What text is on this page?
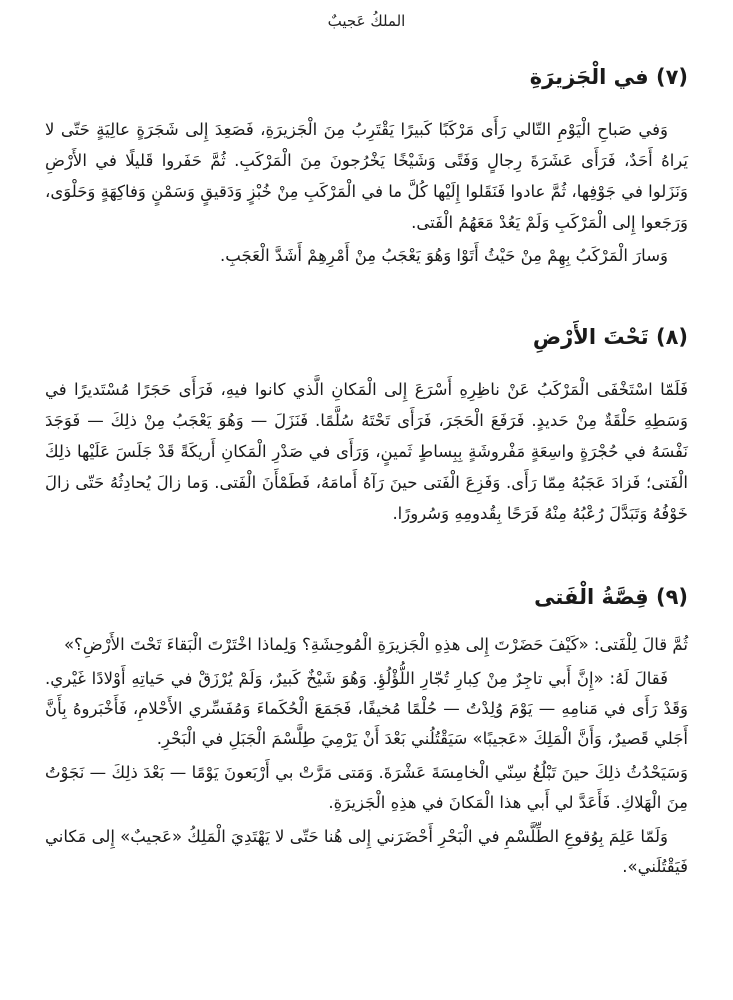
الملكُ عَجيبٌ
(٧) في الْجَزيرَةِ

وَفي صَباحِ الْيَوْمِ التّالي رَأَى مَرْكَبًا كَبيرًا يَقْتَرِبُ مِنَ الْجَزيرَةِ، فَصَعِدَ إِلى شَجَرَةٍ عالِيَةٍ حَتّى لا يَراهُ أَحَدٌ، فَرَأَى عَشَرَةَ رِجالٍ وَفَتًى وَشَيْخًا يَخْرُجونَ مِنَ الْمَرْكَبِ. ثُمَّ حَفَروا قَليلًا في الأَرْضِ وَنَزَلوا في جَوْفِها، ثُمَّ عادوا فَنَقَلوا إِلَيْها كُلَّ ما في الْمَرْكَبِ مِنْ خُبْزٍ وَدَقيقٍ وَسَمْنٍ وَفاكِهَةٍ وَحَلْوَى، وَرَجَعوا إِلى الْمَرْكَبِ وَلَمْ يَعُدْ مَعَهُمُ الْفَتى.

وَسارَ الْمَرْكَبُ بِهِمْ مِنْ حَيْثُ أَتَوْا وَهُوَ يَعْجَبُ مِنْ أَمْرِهِمْ أَشَدَّ الْعَجَبِ.

(٨) تَحْتَ الأَرْضِ

فَلَمّا اسْتَخْفَى الْمَرْكَبُ عَنْ ناظِرِهِ أَسْرَعَ إِلى الْمَكانِ الَّذي كانوا فيهِ، فَرَأَى حَجَرًا مُسْتَديرًا في وَسَطِهِ حَلْقَةٌ مِنْ حَديدٍ. فَرَفَعَ الْحَجَرَ، فَرَأَى تَحْتَهُ سُلَّمًا. فَنَزَلَ — وَهُوَ يَعْجَبُ مِنْ ذلِكَ — فَوَجَدَ نَفْسَهُ في حُجْرَةٍ واسِعَةٍ مَفْروشَةٍ بِبِساطٍ ثَمينٍ، وَرَأَى في صَدْرِ الْمَكانِ أَريكَةً قَدْ جَلَسَ عَلَيْها ذلِكَ الْفَتى؛ فَزادَ عَجَبُهُ مِمّا رَأَى. وَفَزِعَ الْفَتى حينَ رَآهُ أَمامَهُ، فَطَمْأَنَ الْفَتى. وَما زالَ يُحادِثُهُ حَتّى زالَ خَوْفُهُ وَتَبَدَّلَ رُعْبُهُ مِنْهُ فَرَحًا بِقُدومِهِ وَسُرورًا.

(٩) قِصَّةُ الْفَتى

ثُمَّ قالَ لِلْفَتى: «كَيْفَ حَضَرْتَ إِلى هذِهِ الْجَزيرَةِ الْمُوحِشَةِ؟ وَلِماذا اخْتَرْتَ الْبَقاءَ تَحْتَ الأَرْضِ؟»

فَقالَ لَهُ: «إِنَّ أَبي تاجِرٌ مِنْ كِبارِ تُجّارِ اللُّؤْلُؤِ. وَهُوَ شَيْخٌ كَبيرٌ، وَلَمْ يُرْزَقْ في حَياتِهِ أَوْلادًا غَيْري. وَقَدْ رَأَى في مَنامِهِ — يَوْمَ وُلِدْتُ — حُلْمًا مُخيفًا، فَجَمَعَ الْحُكَماءَ وَمُفَسِّري الأَحْلامِ، فَأَخْبَروهُ بِأَنَّ أَجَلي قَصيرٌ، وَأَنَّ الْمَلِكَ «عَجيبًا» سَيَقْتُلُني بَعْدَ أَنْ يَرْمِيَ طِلَّسْمَ الْجَبَلِ في الْبَحْرِ.

وَسَيَحْدُثُ ذلِكَ حينَ تَبْلُغُ سِنّي الْخامِسَةَ عَشْرَةَ. وَمَتى مَرَّتْ بي أَرْبَعونَ يَوْمًا — بَعْدَ ذلِكَ — نَجَوْتُ مِنَ الْهَلاكِ. فَأَعَدَّ لي أَبي هذا الْمَكانَ في هذِهِ الْجَزيرَةِ.

وَلَمّا عَلِمَ بِوُقوعِ الطِّلَّسْمِ في الْبَحْرِ أَحْضَرَني إِلى هُنا حَتّى لا يَهْتَدِيَ الْمَلِكُ «عَجيبٌ» إِلى مَكاني فَيَقْتُلَني».
